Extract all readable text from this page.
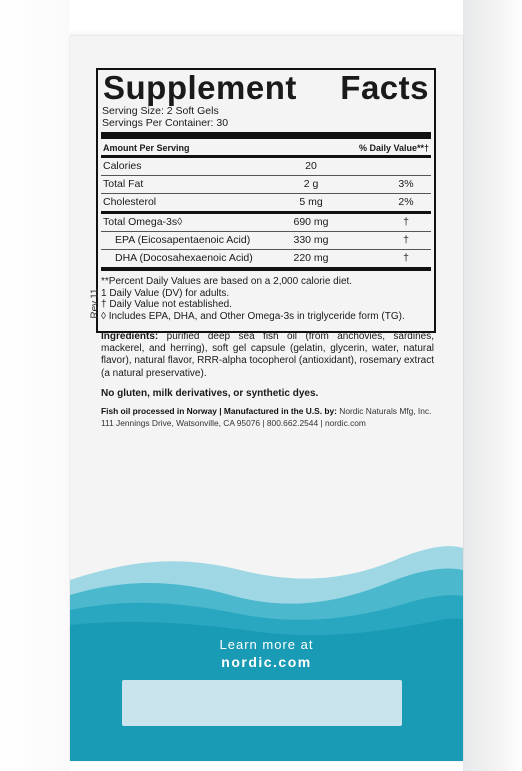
Supplement Facts
Serving Size: 2 Soft Gels
Servings Per Container: 30
Amount Per Serving	% Daily Value**†
Calories	20
Total Fat	2 g	3%
Cholesterol	5 mg	2%
Total Omega-3s◊	690 mg	†
EPA (Eicosapentaenoic Acid)	330 mg	†
DHA (Docosahexaenoic Acid)	220 mg	†
**Percent Daily Values are based on a 2,000 calorie diet.
1 Daily Value (DV) for adults.
† Daily Value not established.
◊ Includes EPA, DHA, and Other Omega-3s in triglyceride form (TG).
Rev.11
Ingredients: purified deep sea fish oil (from anchovies, sardines, mackerel, and herring), soft gel capsule (gelatin, glycerin, water, natural flavor), natural flavor, RRR-alpha tocopherol (antioxidant), rosemary extract (a natural preservative).
No gluten, milk derivatives, or synthetic dyes.
Fish oil processed in Norway | Manufactured in the U.S. by: Nordic Naturals Mfg, Inc.
111 Jennings Drive, Watsonville, CA 95076 | 800.662.2544 | nordic.com
Learn more at
nordic.com
